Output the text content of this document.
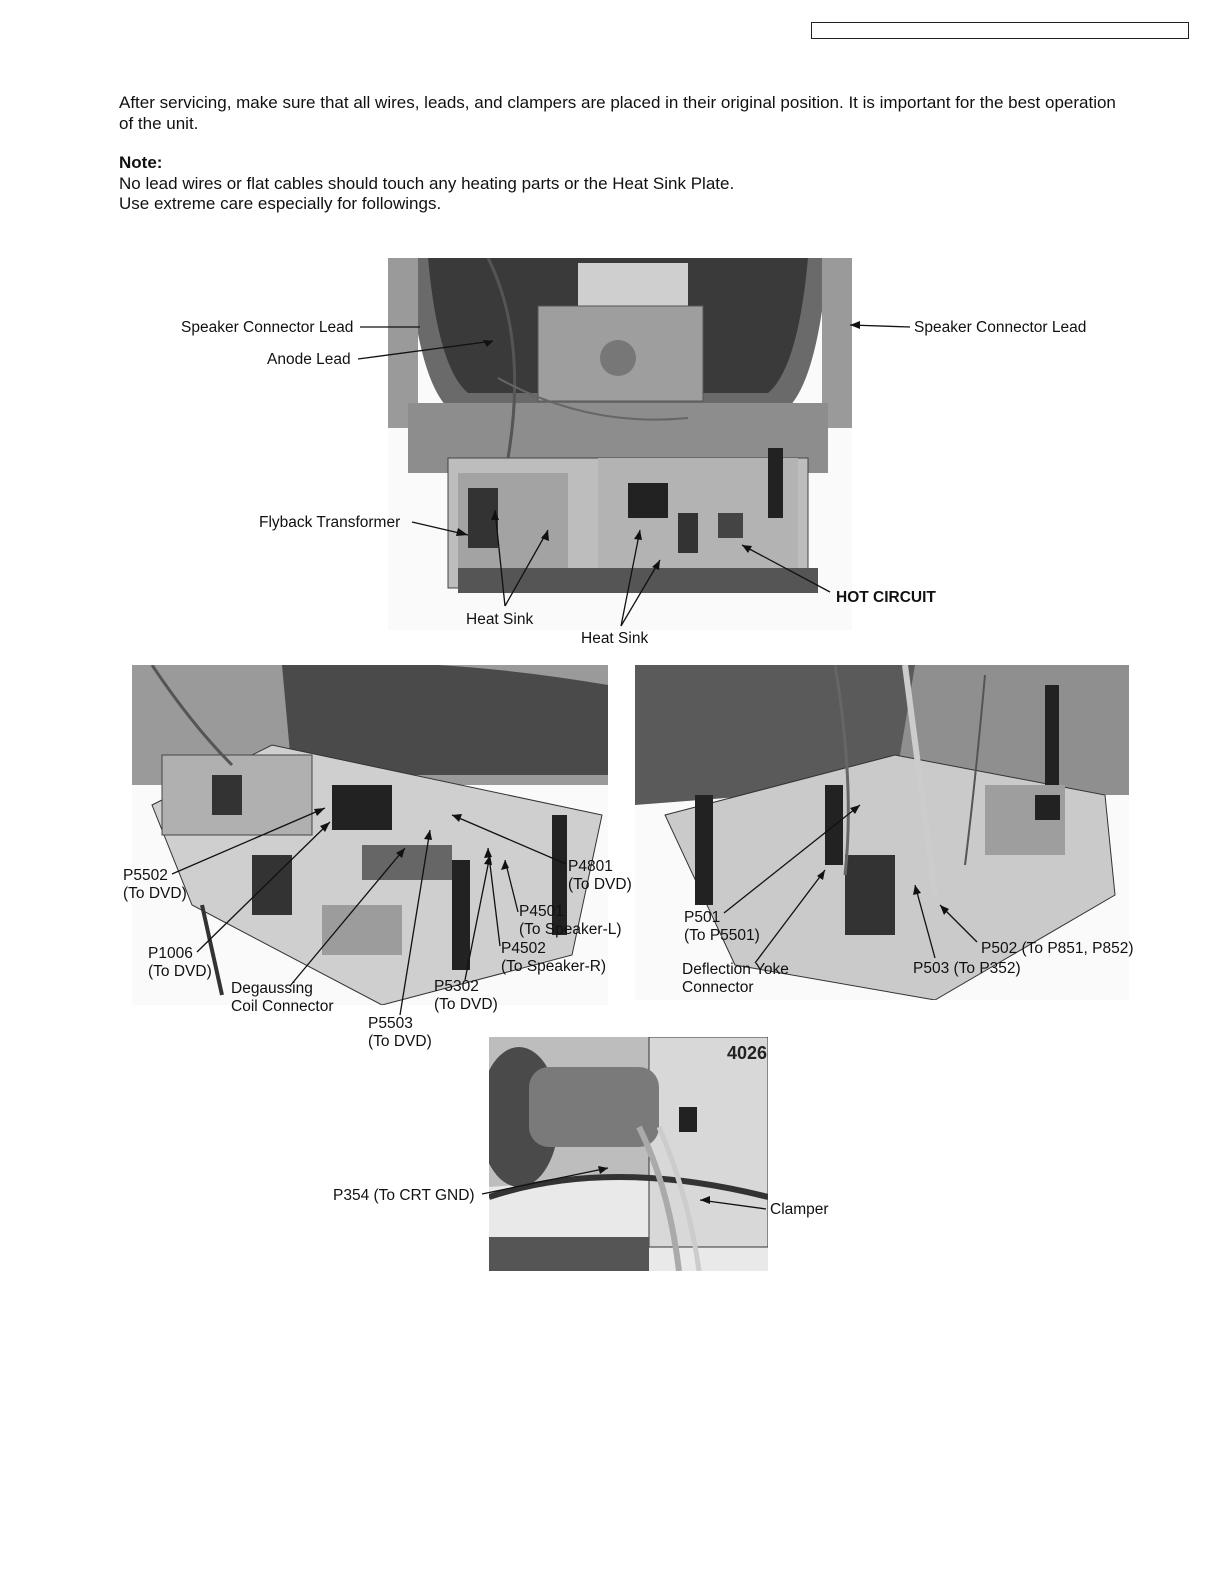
After servicing, make sure that all wires, leads, and clampers are placed in their original position. It is important for the best operation of the unit.
Note:
No lead wires or flat cables should touch any heating parts or the Heat Sink Plate.
Use extreme care especially for followings.
4026
Speaker Connector Lead
Anode Lead
Speaker Connector Lead
Flyback Transformer
HOT CIRCUIT
Heat Sink
Heat Sink
P5502
(To DVD)
P1006
(To DVD)
Degaussing
Coil Connector
P5503
(To DVD)
P5302
(To DVD)
P4502
(To Speaker-R)
P4501
(To Speaker-L)
P4801
(To DVD)
P501
(To P5501)
Deflection Yoke
Connector
P503 (To P352)
P502 (To P851, P852)
P354 (To CRT GND)
Clamper
